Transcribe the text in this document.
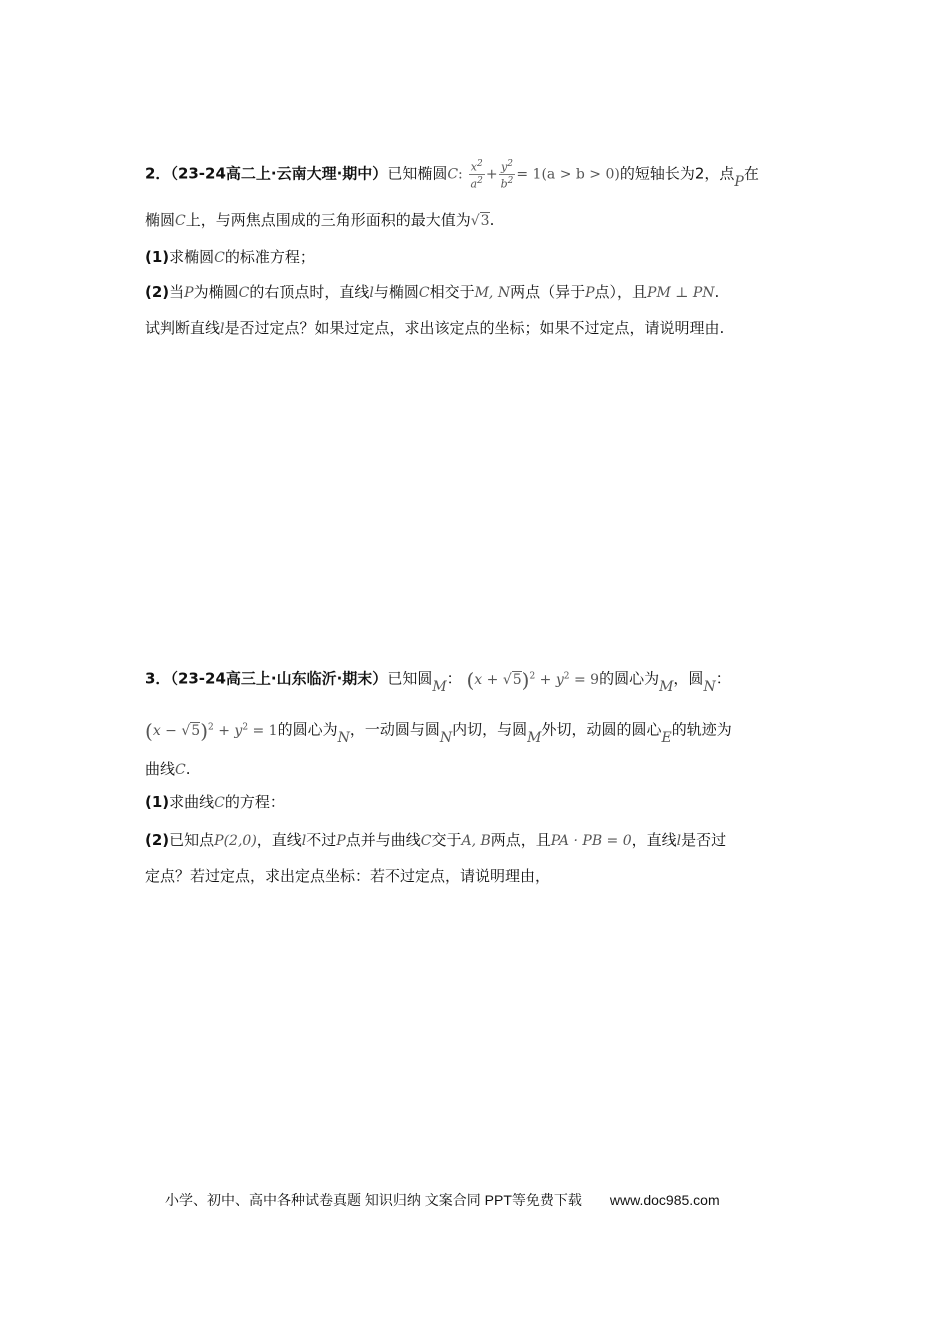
2．（23-24高二上·云南大理·期中）已知椭圆C: $\frac{x^2}{a^2} + \frac{y^2}{b^2} = 1(a > b > 0)$的短轴长为2，点P在
椭圆C上，与两焦点围成的三角形面积的最大值为√3.
(1)求椭圆C的标准方程；
(2)当P为椭圆C的右顶点时，直线l与椭圆C相交于M, N两点（异于P点），且PM ⊥ PN.
试判断直线l是否过定点？如果过定点，求出该定点的坐标；如果不过定点，请说明理由.
3．（23-24高三上·山东临沂·期末）已知圆M： $(x + √5)^2 + y^2 = 9$的圆心为M，圆N：
$(x - √5)^2 + y^2 = 1$的圆心为N，一动圆与圆N内切，与圆M外切，动圆的圆心E的轨迹为
曲线C.
(1)求曲线C的方程：
(2)已知点P(2,0)，直线l不过P点并与曲线C交于A, B两点，且PA · PB = 0，直线l是否过
定点？若过定点，求出定点坐标：若不过定点，请说明理由，
小学、初中、高中各种试卷真题 知识归纳 文案合同 PPT等免费下载 www.doc985.com
